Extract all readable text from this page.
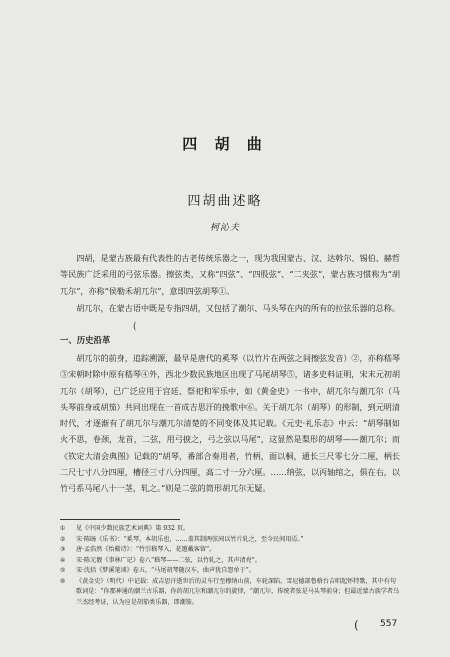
四 胡 曲
四胡曲述略
柯沁夫

四胡，是蒙古族最有代表性的古老传统乐器之一，现为我国蒙古、汉、达斡尔、锡伯、赫哲等民族广泛采用的弓弦乐器。擦弦类，又称“四弦”、“四股弦”、“二夹弦”，蒙古族习惯称为“胡兀尔”，亦称“侯勒禾胡兀尔”，意即四弦胡琴①。

胡兀尔，在蒙古语中既是专指四胡，又包括了潮尔、马头琴在内的所有的拉弦乐器的总称。

(
一、历史沿革

胡兀尔的前身，追踪溯源，最早是唐代的奚琴（以竹片在两弦之间擦弦发音）②，亦称嵇琴③宋朝时除中原有嵇琴④外，西北少数民族地区出现了马尾胡琴⑤，诸多史料证明，宋末元初胡兀尔（胡琴），已广泛应用于宫廷、祭祀和军乐中，如《黄金史》一书中，胡兀尔与潮兀尔（马头琴前身或胡笳）共同出现在一首成吉思汗的挽歌中⑥。关于胡兀尔（胡琴）的形制，到元明清时代，才逐渐有了胡兀尔与潮兀尔清楚的不同变体及其记载。《元史·礼乐志》中云：“胡琴制如火不思，卷颈，龙首，二弦，用弓捩之，弓之弦以马尾”，这显然是梨形的胡琴——潮兀尔；而《钦定大清会典图》记载的“胡琴，番部合奏用者，竹柄，面以桐，通长三尺零七分二厘，柄长二尺七寸八分四厘，槽径三寸八分四厘，高二寸一分六厘。……纳弦，以丙轴绾之，俱在右，以竹弓系马尾八十一茎，轧之。”则是二弦的筒形胡兀尔无疑。

①	见《中国少数民族艺术词典》第 932 页。
②	宋·陈旸《乐书》：“奚琴，本胡乐也，……盖其制两弦间以竹片轧之，至今民间用焉。”
③	唐·孟浩然《怡谿诗》：“竹引嵇琴入，花邀戴客留”。
④	宋·陈元靓《事林广记》卷八“嵇琴——二弦，以竹轧之，其声清亮”。
⑤	宋·沈括《梦溪笔谈》卷五，“马尾胡琴随汉车，曲声犹自怨单于”。
⑥	《黄金史》（明代）中记载：成吉思汗逝世后的灵车行至穆纳山前，车轮深陷，雪尼德部鲁格台吉唱起怀特歌，其中有句歌词是：“你那神通的潮兰古乐器，你的胡兀尔和潮兀尔的旋律，“潮兀尔，传统者弦是马头琴前身；但最近蒙古族学者乌兰杰经考证，认为应是胡笳类乐器，即潮笳。
( 557
